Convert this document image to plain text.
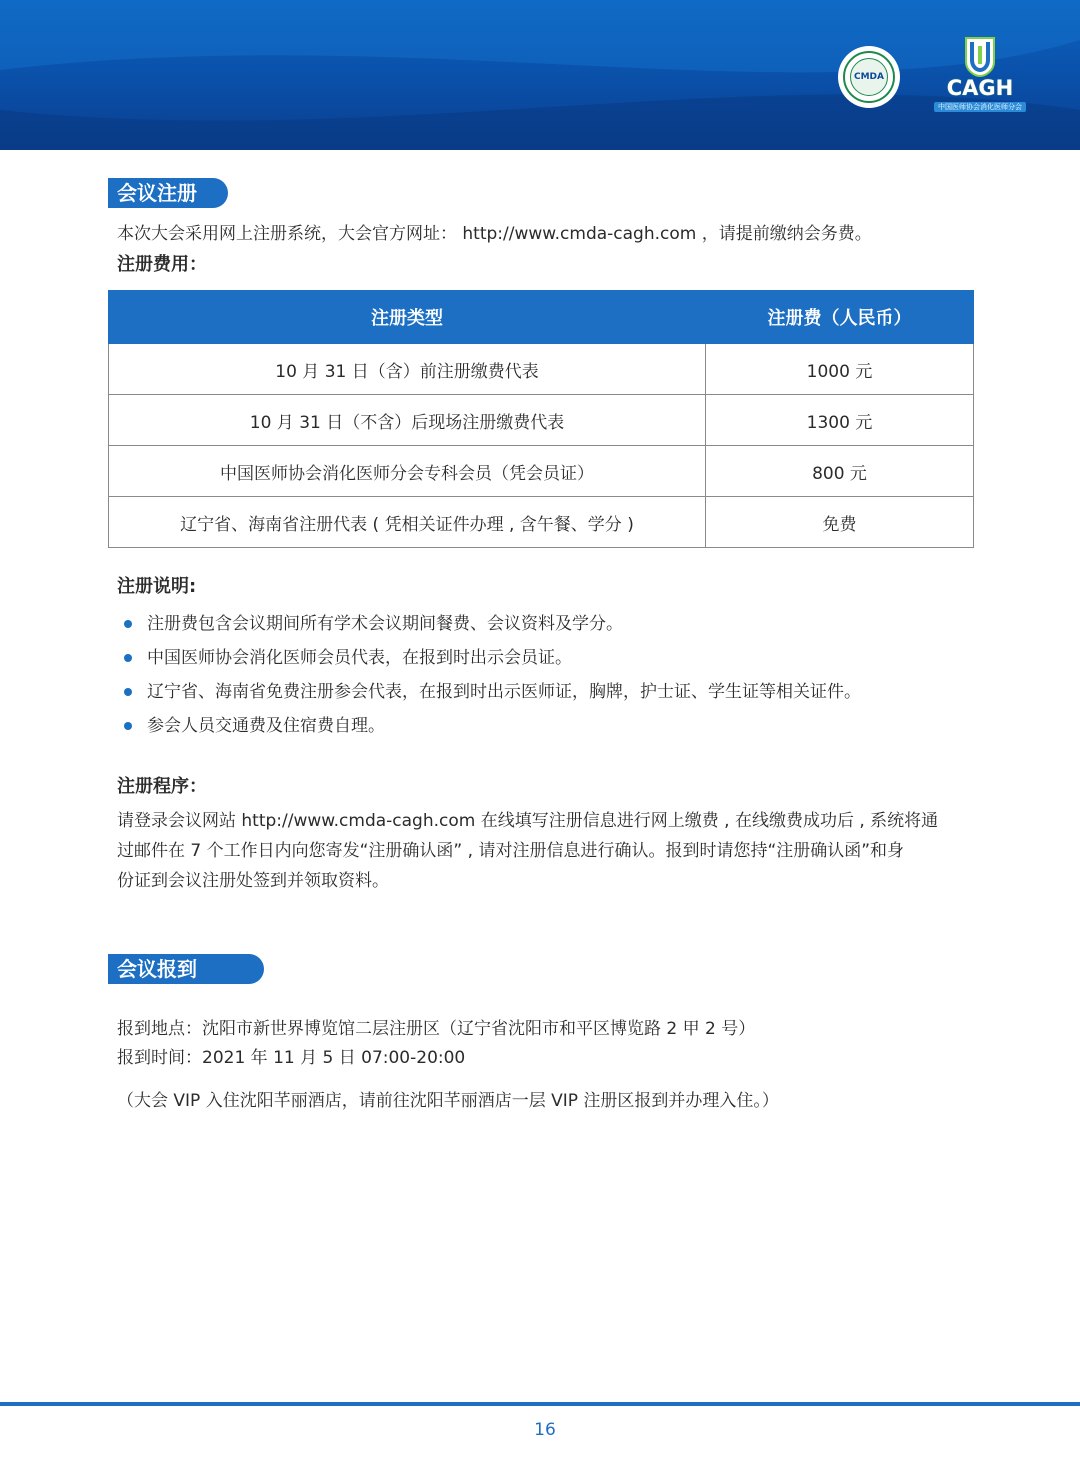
CMDA	CAGH
中国医师协会消化医师分会
会议注册
本次大会采用网上注册系统，大会官方网址： http://www.cmda-cagh.com ，请提前缴纳会务费。
注册费用：
注册类型	注册费（人民币）
10 月 31 日（含）前注册缴费代表	1000 元
10 月 31 日（不含）后现场注册缴费代表	1300 元
中国医师协会消化医师分会专科会员（凭会员证）	800 元
辽宁省、海南省注册代表 ( 凭相关证件办理 , 含午餐、学分 )	免费
注册说明:
注册费包含会议期间所有学术会议期间餐费、会议资料及学分。
中国医师协会消化医师会员代表，在报到时出示会员证。
辽宁省、海南省免费注册参会代表，在报到时出示医师证，胸牌，护士证、学生证等相关证件。
参会人员交通费及住宿费自理。
注册程序：
请登录会议网站 http://www.cmda-cagh.com 在线填写注册信息进行网上缴费 , 在线缴费成功后 , 系统将通
过邮件在 7 个工作日内向您寄发“注册确认函” , 请对注册信息进行确认。报到时请您持“注册确认函”和身
份证到会议注册处签到并领取资料。
会议报到
报到地点：沈阳市新世界博览馆二层注册区（辽宁省沈阳市和平区博览路 2 甲 2 号）
报到时间：2021 年 11 月 5 日 07:00-20:00
（大会 VIP 入住沈阳芊丽酒店，请前往沈阳芊丽酒店一层 VIP 注册区报到并办理入住。）
16
